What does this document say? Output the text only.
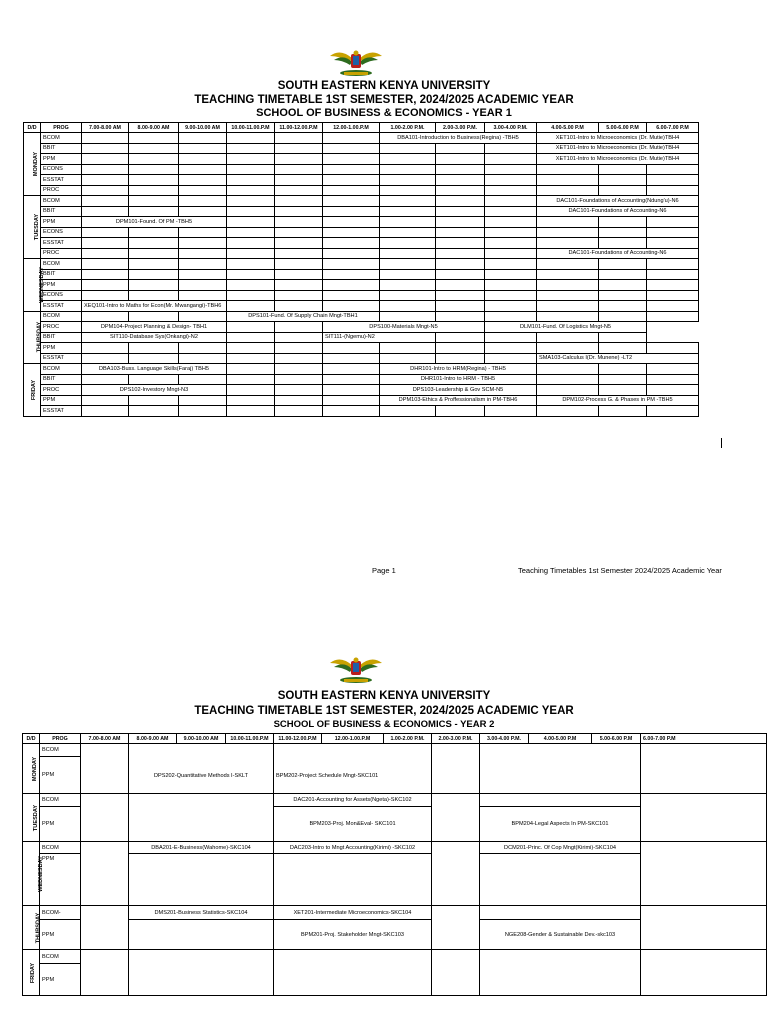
SOUTH EASTERN KENYA UNIVERSITY
TEACHING TIMETABLE 1ST SEMESTER, 2024/2025 ACADEMIC YEAR
SCHOOL OF BUSINESS & ECONOMICS - YEAR 1
D/D	PROG	7.00-8.00 AM	8.00-9.00 AM	9.00-10.00 AM	10.00-11.00.P.M	11.00-12.00.P.M	12.00-1.00.P.M	1.00-2.00 P.M.	2.00-3.00 P.M.	3.00-4.00 P.M.	4.00-5.00 P.M	5.00-6.00 P.M	6.00-7.00 P.M
MONDAY	BCOM							DBA101-Introduction to Business(Regina) -TBH5			XET101-Intro to Microeconomics (Dr. Mutie)TBH4		
	BBIT										XET101-Intro to Microeconomics (Dr. Mutie)TBH4		
	PPM										XET101-Intro to Microeconomics (Dr. Mutie)TBH4		
	ECONS												
	ESSTAT												
	PROC												
TUESDAY	BCOM										DAC101-Foundations of Accounting(Ndung'u)-N6		
	BBIT										DAC101-Foundations of Accounting-N6		
	PPM	DPM101-Found. Of PM -TBH5											
	ECONS												
	ESSTAT												
	PROC										DAC101-Foundations of Accounting-N6		
WEDNESDAY	BCOM												
	BBIT												
	PPM												
	ECONS												
	ESSTAT	XEQ101-Intro to Maths for Econ(Mr. Mwangangi)-TBH6											
THURSDAY	BCOM				DPS101-Fund. Of Supply Chain Mngt-TBH1								
	PROC	DPM104-Project Planning & Design- TBH1					DPS100-Materials Mngt-N5			DLM101-Fund. Of Logistics Mngt-N5			
	BBIT	SIT110-Database Sys(Onkangi)-N2					SIT111-(Ngemu)-N2						
	PPM												
	ESSTAT										SMA103-Calculus I(Dr. Munene) -LT2		
FRIDAY	BCOM	DBA103-Buss. Language Skills(Faraj) TBH5						DHR101-Intro to HRM(Regina) - TBH5					
	BBIT							DHR101-Intro to HRM - TBH5					
	PROC	DPS102-Investory Mngt-N3						DPS103-Leadership & Gov SCM-N5					
	PPM							DPM103-Ethics & Proffessionalism in PM-TBH6			DPM102-Process G. & Phases in PM -TBH5		
	ESSTAT												
Page 1	Teaching Timetables 1st Semester 2024/2025 Academic Year
SOUTH EASTERN KENYA UNIVERSITY
TEACHING TIMETABLE 1ST SEMESTER, 2024/2025 ACADEMIC YEAR
SCHOOL OF BUSINESS & ECONOMICS - YEAR 2
D/D	PROG	7.00-8.00 AM	8.00-9.00 AM	9.00-10.00 AM	10.00-11.00.P.M	11.00-12.00.P.M	12.00-1.00.P.M	1.00-2.00 P.M.	2.00-3.00 P.M.	3.00-4.00 P.M.	4.00-5.00 P.M	5.00-6.00 P.M	6.00-7.00 P.M
MONDAY	BCOM		DPS202-Quantitative Methods I-SKLT			BPM202-Project Schedule Mngt-SKC101							
	PPM												
TUESDAY	BCOM					DAC201-Accounting for Assets(Ngeta)-SKC102							
	PPM					BPM203-Proj. Mon&Eval- SKC101				BPM204-Legal Aspects In PM-SKC101			
WEDNESDAY	BCOM		DBA201-E-Business(Wahome)-SKC104			DAC203-Intro to Mngt Accounting(Kirimi) -SKC102				DCM201-Princ. Of Cop Mngt(Kirimi)-SKC104			
	PPM												
THURSDAY	BCOM-		DMS201-Business Statistics-SKC104			XET201-Intermediate Microeconomics-SKC104							
	PPM					BPM201-Proj. Stakeholder Mngt-SKC103				NGE208-Gender & Sustainable Dev.-skc103			
FRIDAY	BCOM												
	PPM												
